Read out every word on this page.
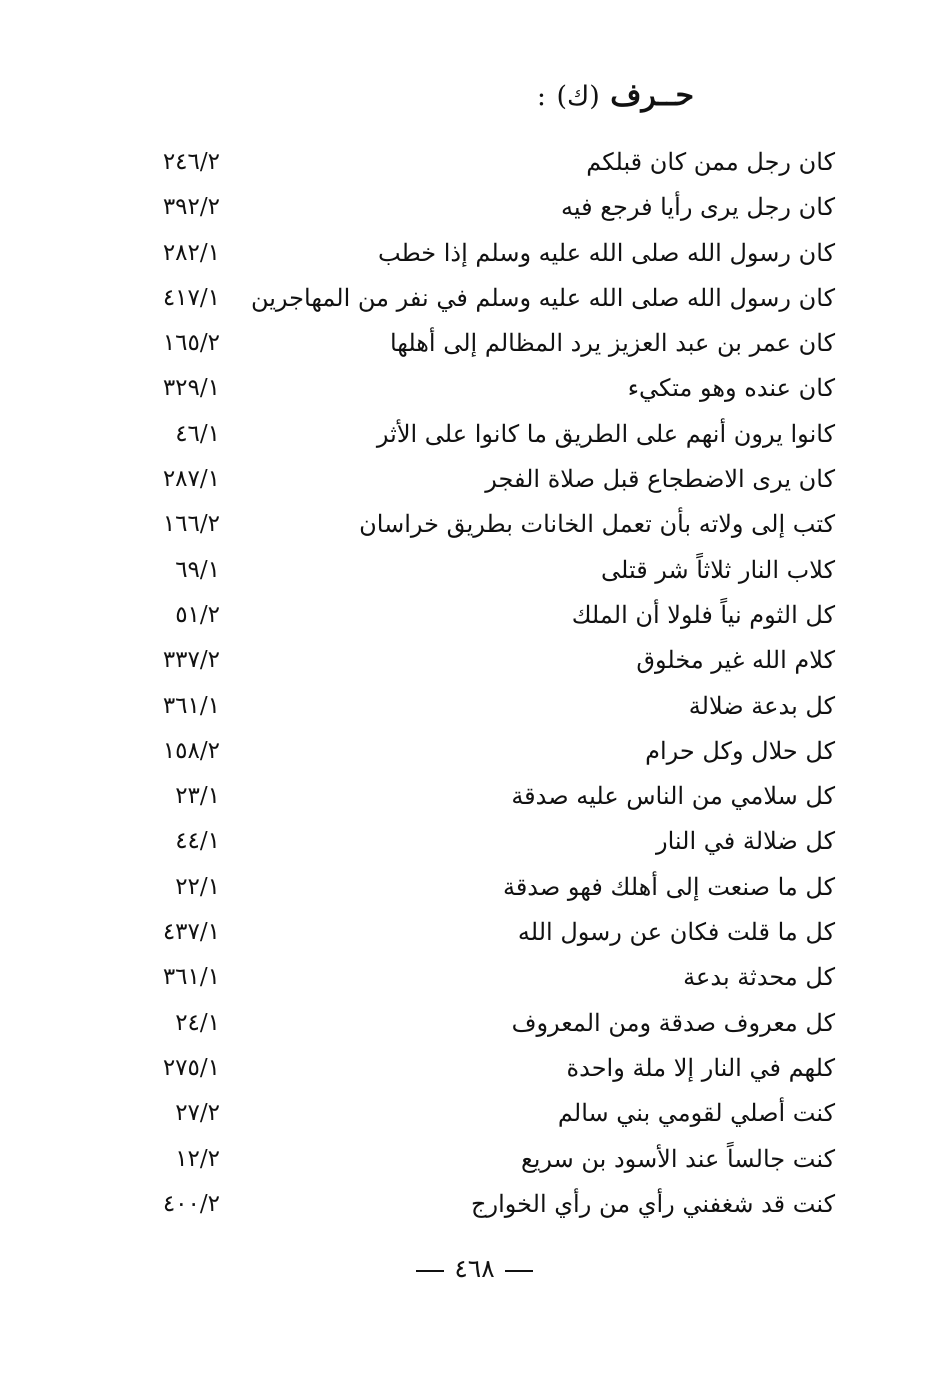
حــرف (ك) :
كان رجل ممن كان قبلكم
٢٤٦/٢
كان رجل يرى رأيا فرجع فيه
٣٩٢/٢
كان رسول الله صلى الله عليه وسلم إذا خطب
٢٨٢/١
كان رسول الله صلى الله عليه وسلم في نفر من المهاجرين
٤١٧/١
كان عمر بن عبد العزيز يرد المظالم إلى أهلها
١٦٥/٢
كان عنده وهو متكيء
٣٢٩/١
كانوا يرون أنهم على الطريق ما كانوا على الأثر
٤٦/١
كان يرى الاضطجاع قبل صلاة الفجر
٢٨٧/١
كتب إلى ولاته بأن تعمل الخانات بطريق خراسان
١٦٦/٢
كلاب النار ثلاثاً شر قتلى
٦٩/١
كل الثوم نياً فلولا أن الملك
٥١/٢
كلام الله غير مخلوق
٣٣٧/٢
كل بدعة ضلالة
٣٦١/١
كل حلال وكل حرام
١٥٨/٢
كل سلامي من الناس عليه صدقة
٢٣/١
كل ضلالة في النار
٤٤/١
كل ما صنعت إلى أهلك فهو صدقة
٢٢/١
كل ما قلت فكان عن رسول الله
٤٣٧/١
كل محدثة بدعة
٣٦١/١
كل معروف صدقة ومن المعروف
٢٤/١
كلهم في النار إلا ملة واحدة
٢٧٥/١
كنت أصلي لقومي بني سالم
٢٧/٢
كنت جالساً عند الأسود بن سريع
١٢/٢
كنت قد شغفني رأي من رأي الخوارج
٤٠٠/٢
٤٦٨
